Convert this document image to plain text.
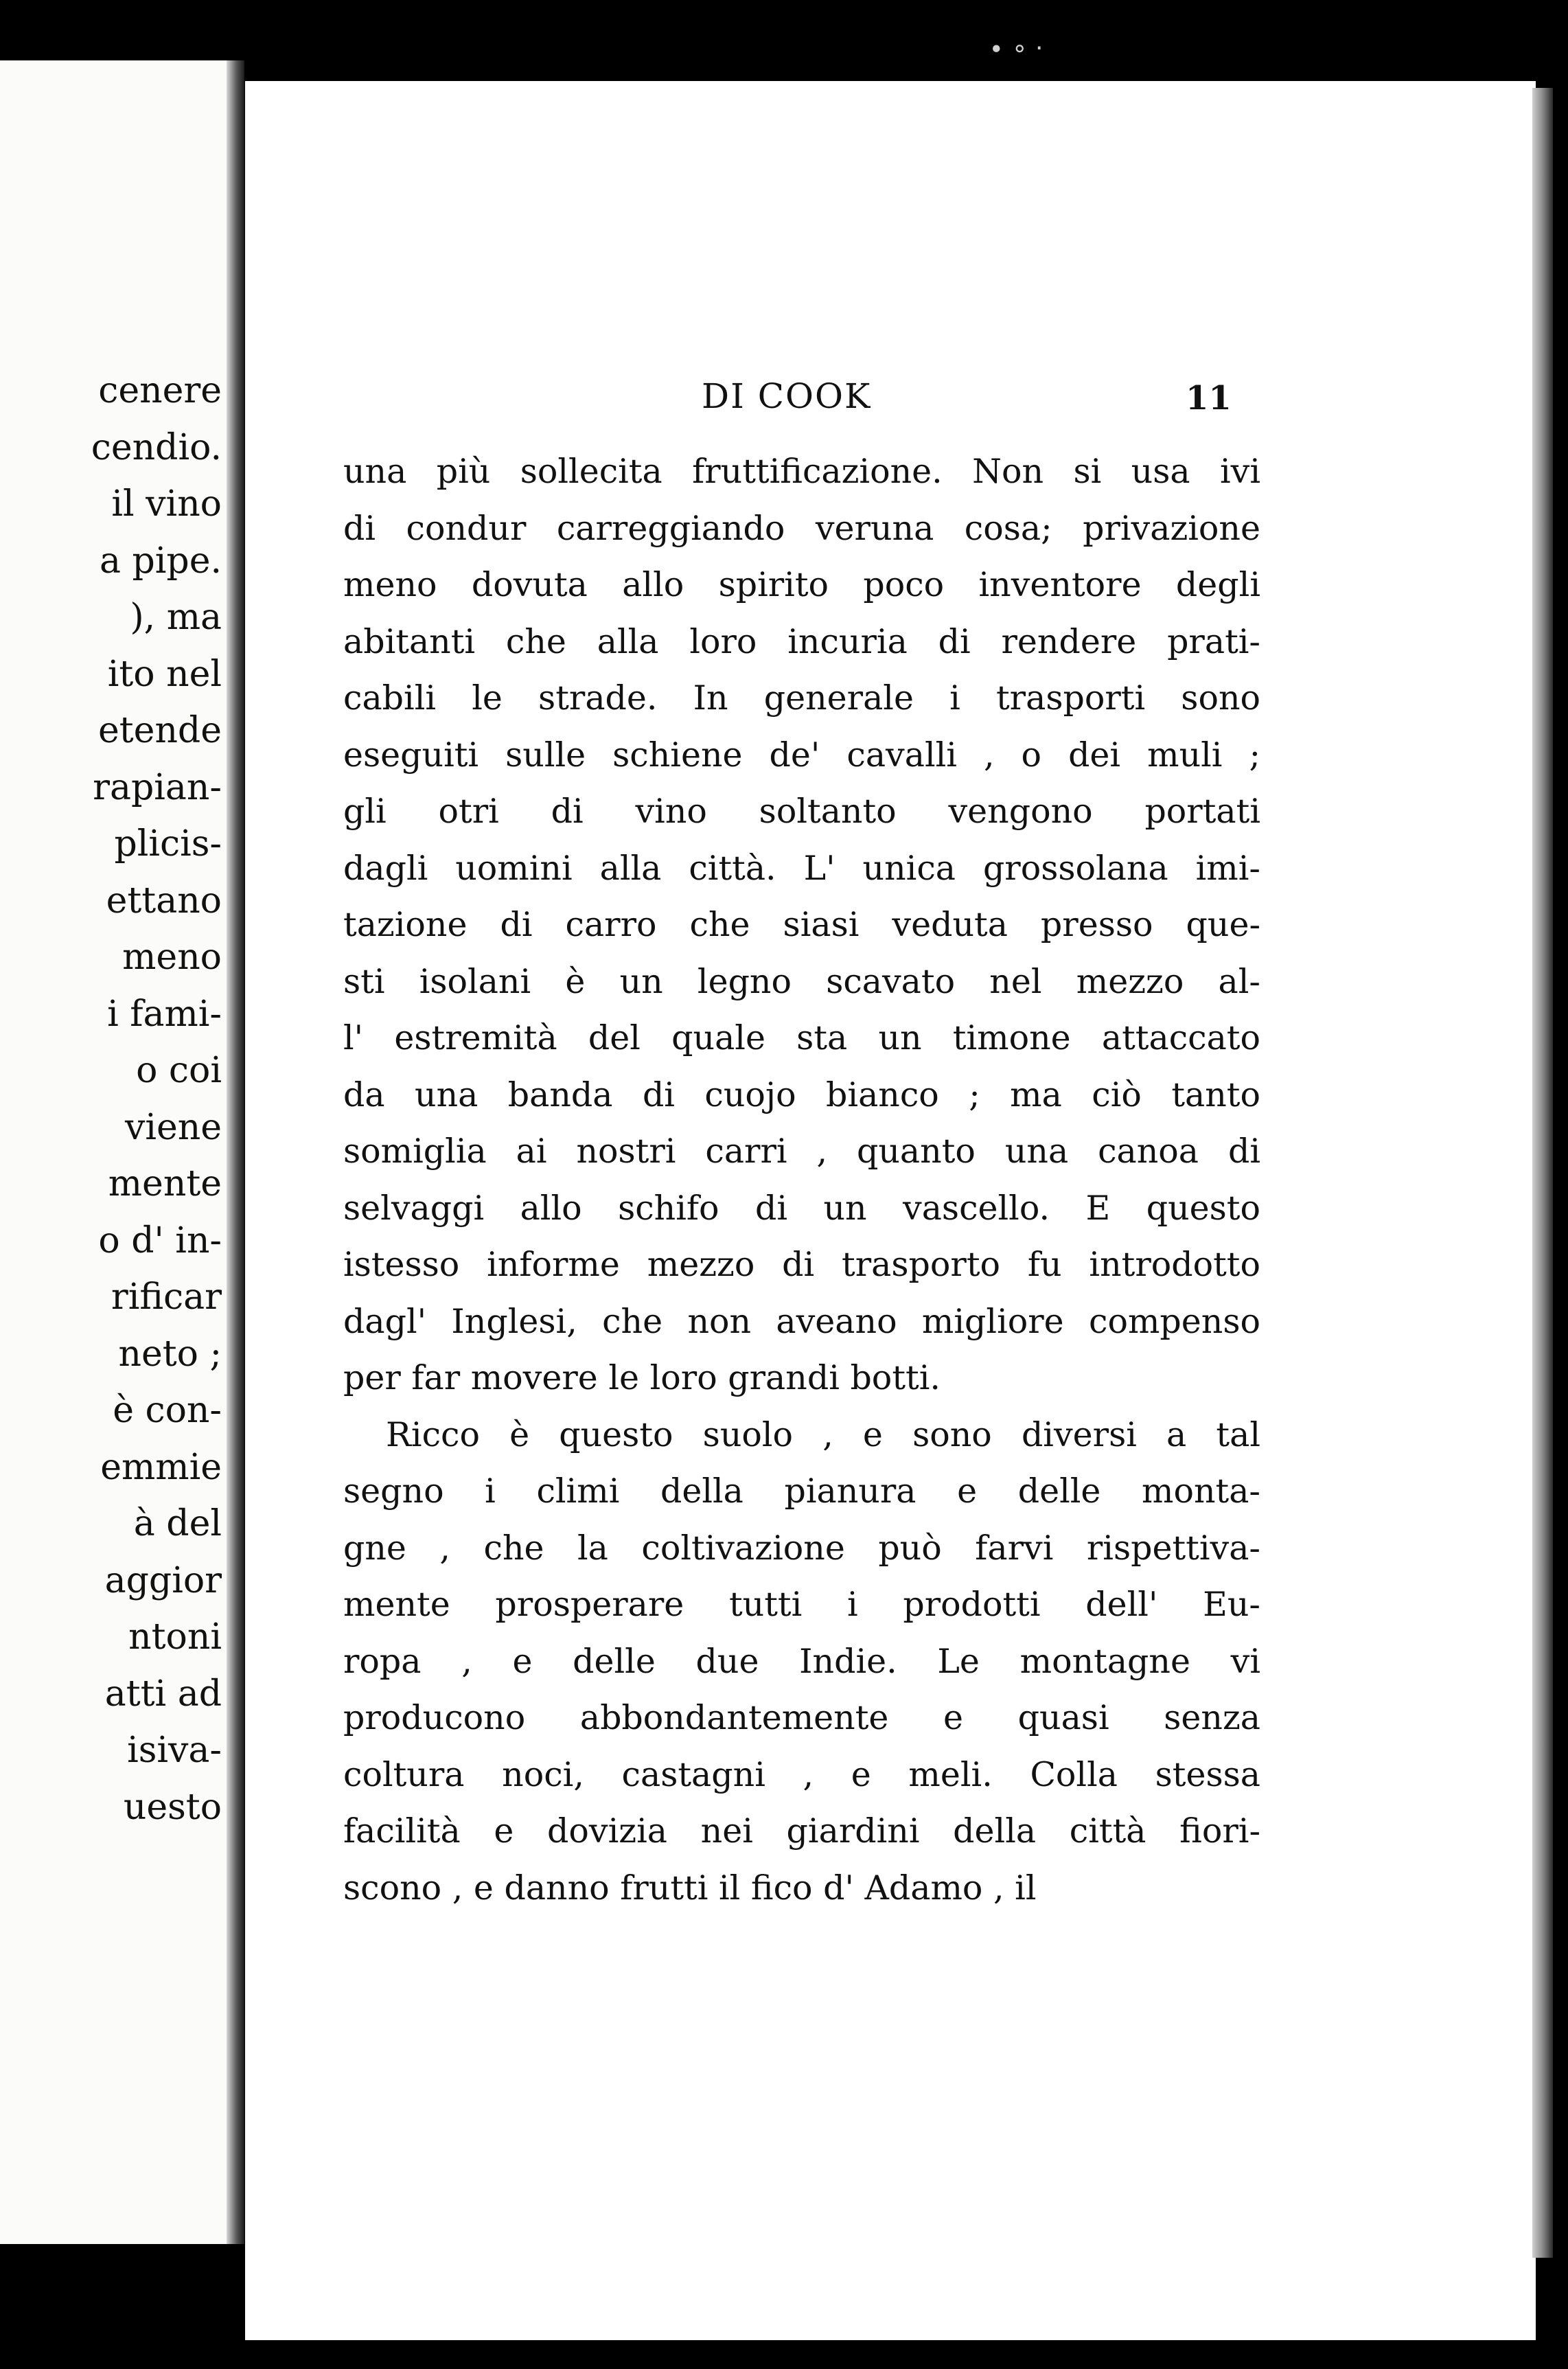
∙ ∘ ·
cenere
cendio.
il vino
a pipe.
), ma
ito nel
etende
rapian-
plicis-
ettano
meno
i fami-
o coi
viene
mente
o d' in-
rificar
neto ;
è con-
emmie
à del
aggior
ntoni
atti ad
isiva-
uesto
DI COOK	11
una più sollecita fruttificazione. Non si usa ivi
di condur carreggiando veruna cosa; privazione
meno dovuta allo spirito poco inventore degli
abitanti che alla loro incuria di rendere prati-
cabili le strade. In generale i trasporti sono
eseguiti sulle schiene de' cavalli , o dei muli ;
gli otri di vino soltanto vengono portati
dagli uomini alla città. L' unica grossolana imi-
tazione di carro che siasi veduta presso que-
sti isolani è un legno scavato nel mezzo al-
l' estremità del quale sta un timone attaccato
da una banda di cuojo bianco ; ma ciò tanto
somiglia ai nostri carri , quanto una canoa di
selvaggi allo schifo di un vascello. E questo
istesso informe mezzo di trasporto fu introdotto
dagl' Inglesi, che non aveano migliore compenso
per far movere le loro grandi botti.
Ricco è questo suolo , e sono diversi a tal
segno i climi della pianura e delle monta-
gne , che la coltivazione può farvi rispettiva-
mente prosperare tutti i prodotti dell' Eu-
ropa , e delle due Indie. Le montagne vi
producono abbondantemente e quasi senza
coltura noci, castagni , e meli. Colla stessa
facilità e dovizia nei giardini della città fiori-
scono , e danno frutti il fico d' Adamo , il
